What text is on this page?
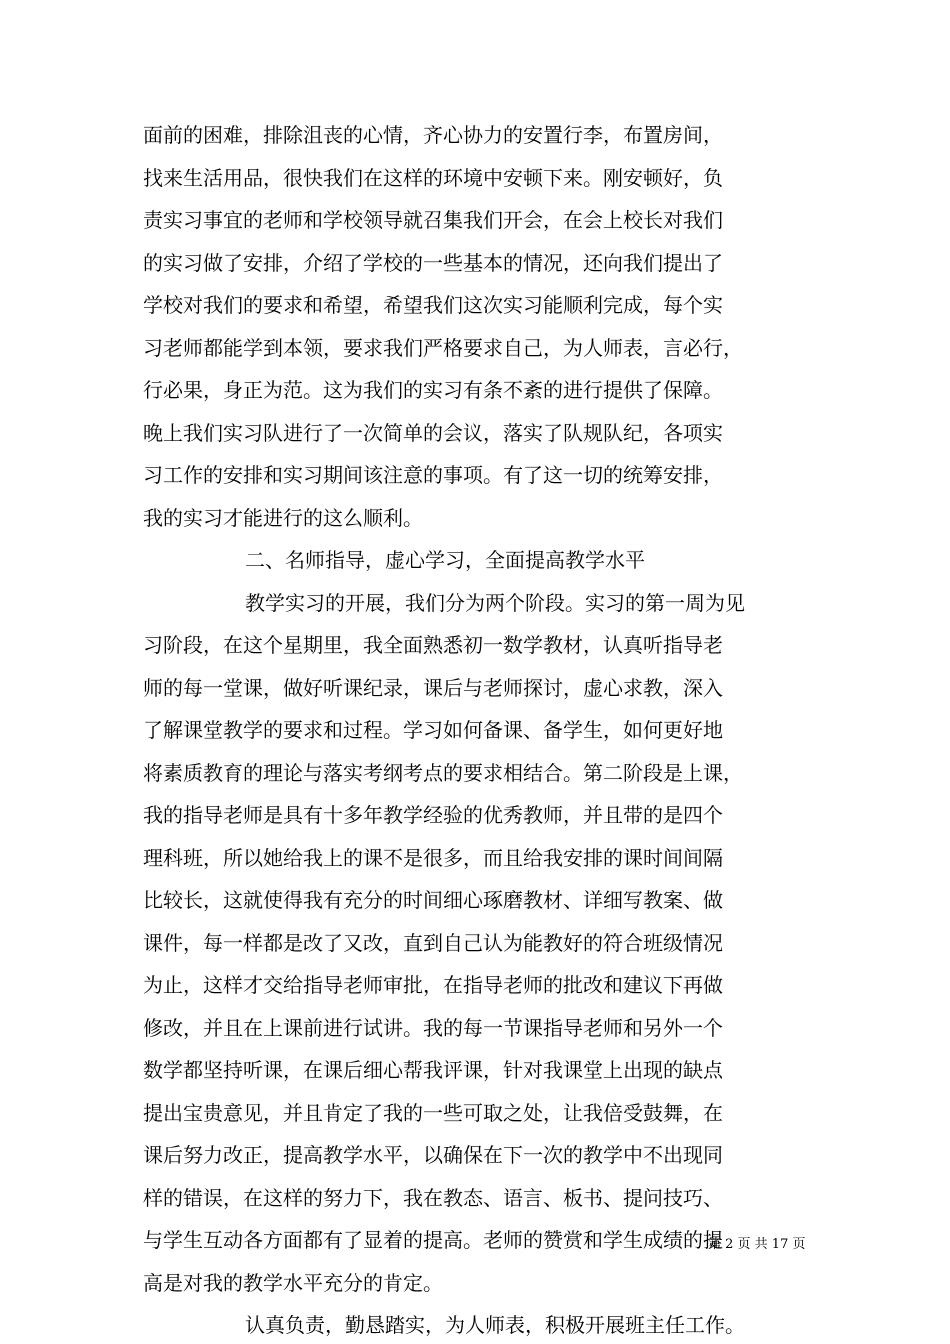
面前的困难，排除沮丧的心情，齐心协力的安置行李，布置房间，
找来生活用品，很快我们在这样的环境中安顿下来。刚安顿好，负
责实习事宜的老师和学校领导就召集我们开会，在会上校长对我们
的实习做了安排，介绍了学校的一些基本的情况，还向我们提出了
学校对我们的要求和希望，希望我们这次实习能顺利完成，每个实
习老师都能学到本领，要求我们严格要求自己，为人师表，言必行，
行必果，身正为范。这为我们的实习有条不紊的进行提供了保障。
晚上我们实习队进行了一次简单的会议，落实了队规队纪，各项实
习工作的安排和实习期间该注意的事项。有了这一切的统筹安排，
我的实习才能进行的这么顺利。
二、名师指导，虚心学习，全面提高教学水平
教学实习的开展，我们分为两个阶段。实习的第一周为见
习阶段，在这个星期里，我全面熟悉初一数学教材，认真听指导老
师的每一堂课，做好听课纪录，课后与老师探讨，虚心求教，深入
了解课堂教学的要求和过程。学习如何备课、备学生，如何更好地
将素质教育的理论与落实考纲考点的要求相结合。第二阶段是上课，
我的指导老师是具有十多年教学经验的优秀教师，并且带的是四个
理科班，所以她给我上的课不是很多，而且给我安排的课时间间隔
比较长，这就使得我有充分的时间细心琢磨教材、详细写教案、做
课件，每一样都是改了又改，直到自己认为能教好的符合班级情况
为止，这样才交给指导老师审批，在指导老师的批改和建议下再做
修改，并且在上课前进行试讲。我的每一节课指导老师和另外一个
数学都坚持听课，在课后细心帮我评课，针对我课堂上出现的缺点
提出宝贵意见，并且肯定了我的一些可取之处，让我倍受鼓舞，在
课后努力改正，提高教学水平，以确保在下一次的教学中不出现同
样的错误，在这样的努力下，我在教态、语言、板书、提问技巧、
与学生互动各方面都有了显着的提高。老师的赞赏和学生成绩的提
高是对我的教学水平充分的肯定。
认真负责，勤恳踏实，为人师表，积极开展班主任工作。
第 2 页 共 17 页
